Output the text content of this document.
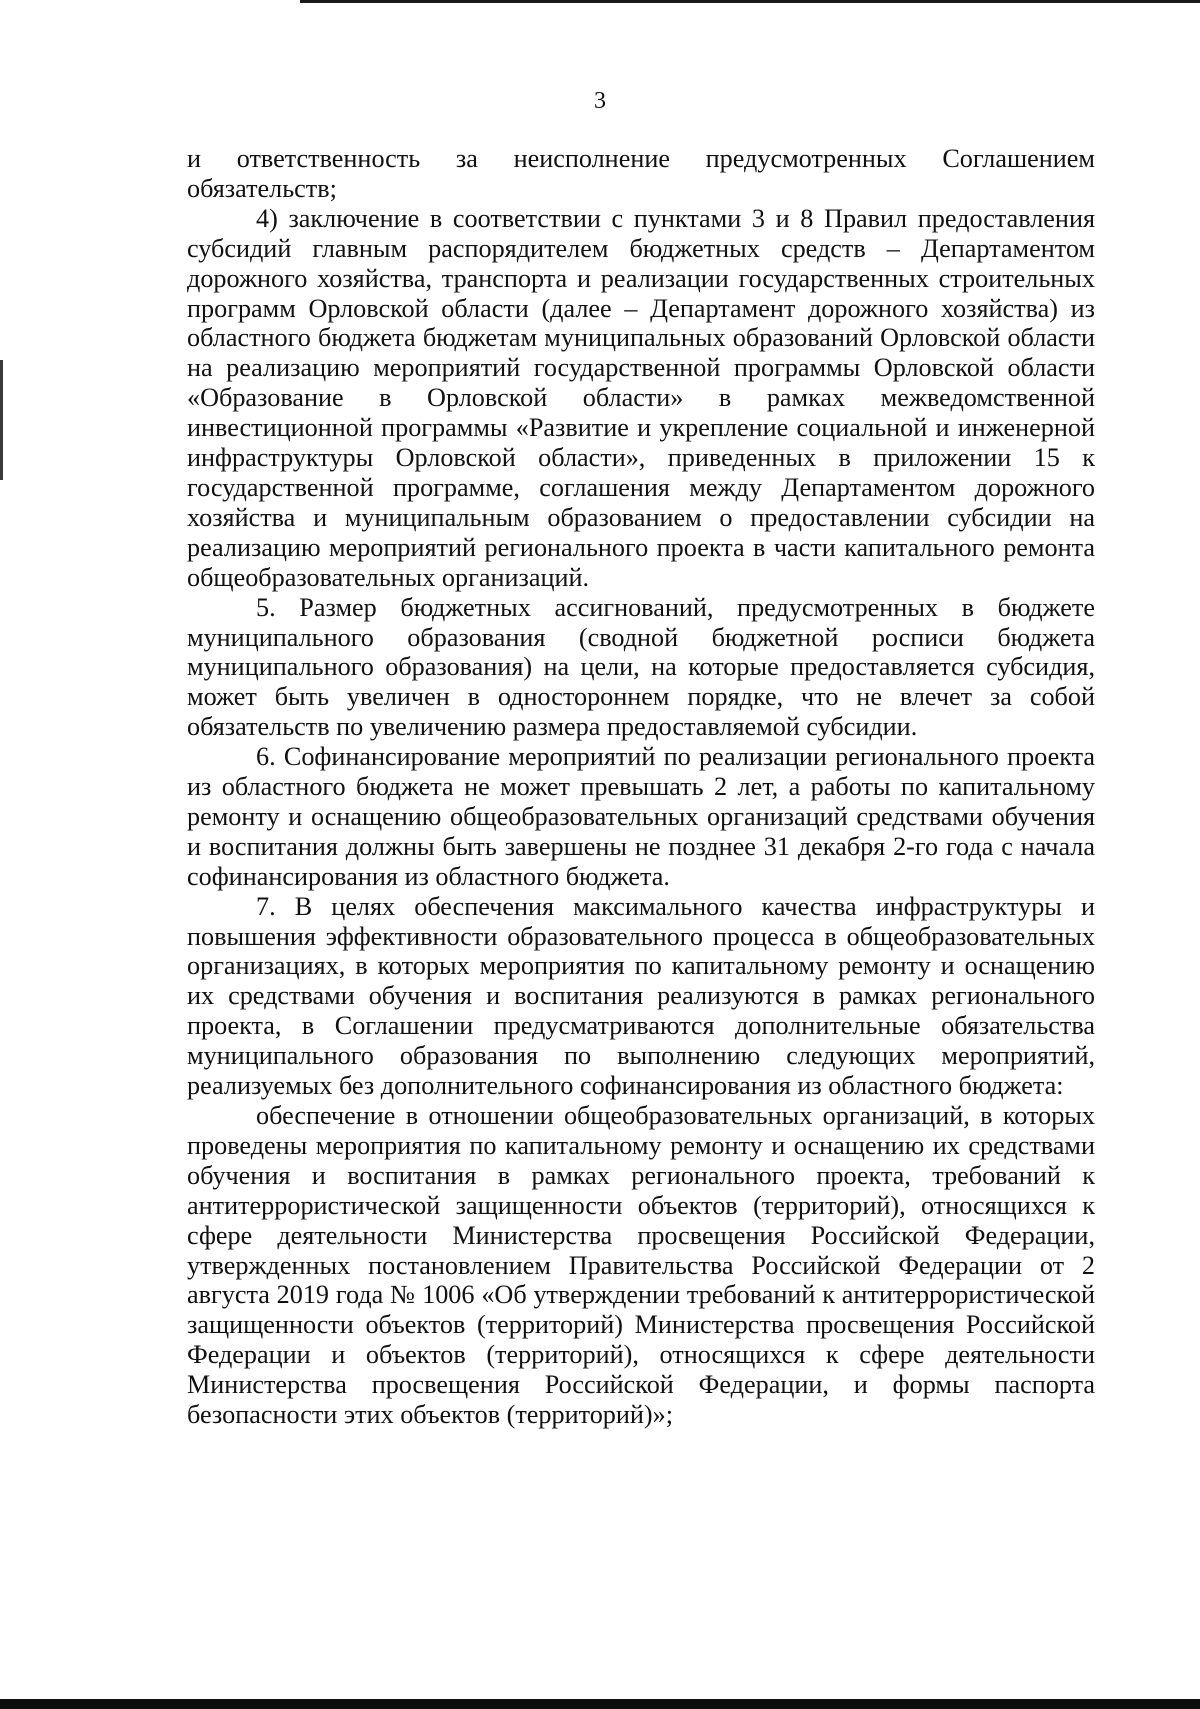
3

и ответственность за неисполнение предусмотренных Соглашением обязательств;

4) заключение в соответствии с пунктами 3 и 8 Правил предоставления субсидий главным распорядителем бюджетных средств – Департаментом дорожного хозяйства, транспорта и реализации государственных строительных программ Орловской области (далее – Департамент дорожного хозяйства) из областного бюджета бюджетам муниципальных образований Орловской области на реализацию мероприятий государственной программы Орловской области «Образование в Орловской области» в рамках межведомственной инвестиционной программы «Развитие и укрепление социальной и инженерной инфраструктуры Орловской области», приведенных в приложении 15 к государственной программе, соглашения между Департаментом дорожного хозяйства и муниципальным образованием о предоставлении субсидии на реализацию мероприятий регионального проекта в части капитального ремонта общеобразовательных организаций.

5. Размер бюджетных ассигнований, предусмотренных в бюджете муниципального образования (сводной бюджетной росписи бюджета муниципального образования) на цели, на которые предоставляется субсидия, может быть увеличен в одностороннем порядке, что не влечет за собой обязательств по увеличению размера предоставляемой субсидии.

6. Софинансирование мероприятий по реализации регионального проекта из областного бюджета не может превышать 2 лет, а работы по капитальному ремонту и оснащению общеобразовательных организаций средствами обучения и воспитания должны быть завершены не позднее 31 декабря 2-го года с начала софинансирования из областного бюджета.

7. В целях обеспечения максимального качества инфраструктуры и повышения эффективности образовательного процесса в общеобразовательных организациях, в которых мероприятия по капитальному ремонту и оснащению их средствами обучения и воспитания реализуются в рамках регионального проекта, в Соглашении предусматриваются дополнительные обязательства муниципального образования по выполнению следующих мероприятий, реализуемых без дополнительного софинансирования из областного бюджета:

обеспечение в отношении общеобразовательных организаций, в которых проведены мероприятия по капитальному ремонту и оснащению их средствами обучения и воспитания в рамках регионального проекта, требований к антитеррористической защищенности объектов (территорий), относящихся к сфере деятельности Министерства просвещения Российской Федерации, утвержденных постановлением Правительства Российской Федерации от 2 августа 2019 года № 1006 «Об утверждении требований к антитеррористической защищенности объектов (территорий) Министерства просвещения Российской Федерации и объектов (территорий), относящихся к сфере деятельности Министерства просвещения Российской Федерации, и формы паспорта безопасности этих объектов (территорий)»;
